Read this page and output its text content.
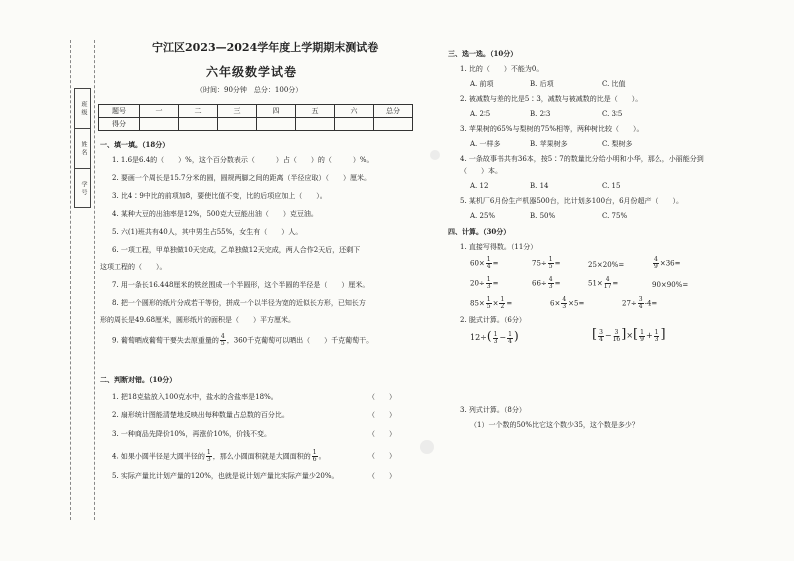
班级
姓名
学号
宁江区2023—2024学年度上学期期末测试卷
六年级数学试卷
（时间：90分钟　总分：100分）
题号	一	二	三	四	五	六	总分
得分							
一、填一填。（18分）
1. 1.6是6.4的（　　）%，这个百分数表示（　　　）占（　　）的（　　　）%。
2. 要画一个周长是15.7分米的圆，圆规两脚之间的距离（半径应取）（　　）厘米。
3. 比4∶9中比的前项加8，要使比值不变，比的后项应加上（　　）。
4. 某种大豆的出油率是12%，500克大豆能出油（　　）克豆油。
5. 六(1)班共有40人，其中男生占55%，女生有（　　）人。
6. 一项工程，甲单独做10天完成，乙单独做12天完成，两人合作2天后，还剩下
这项工程的（　　）。
7. 用一条长16.448厘米的铁丝围成一个半圆形，这个半圆的半径是（　　）厘米。
8. 把一个圆形的纸片分成若干等份，拼成一个以半径为宽的近似长方形，已知长方
形的周长是49.68厘米，圆形纸片的面积是（　　）平方厘米。
9. 葡萄晒成葡萄干要失去原重量的 $\frac{4}{5}$ ，360千克葡萄可以晒出（　　）千克葡萄干。
二、判断对错。（10分）
1. 把18克盐放入100克水中，盐水的含盐率是18%。	（　　）
2. 扇形统计图能清楚地反映出每种数量占总数的百分比。	（　　）
3. 一种商品先降价10%，再涨价10%，价钱不变。	（　　）
4. 如果小圆半径是大圆半径的 $\frac{1}{3}$ ，那么小圆面积就是大圆面积的 $\frac{1}{6}$ 。	（　　）
5. 实际产量比计划产量的120%，也就是说计划产量比实际产量少20%。	（　　）
三、选一选。（10分）
1. 比的（　　）不能为0。
A. 前项	B. 后项	C. 比值
2. 被减数与差的比是5∶3，减数与被减数的比是（　　）。
A. 2∶5	B. 2∶3	C. 3∶5
3. 苹果树的65%与梨树的75%相等，两种树比较（　　）。
A. 一样多	B. 苹果树多	C. 梨树多
4. 一条故事书共有36本，按5∶7的数量比分给小明和小华，那么，小丽能分到
（　　）本。
A. 12	B. 14	C. 15
5. 某机厂6月份生产机器500台，比计划多100台，6月份超产（　　）。
A. 25%	B. 50%	C. 75%
四、计算。（30分）
1. 直接写得数。（11分）
$60\times \frac{1}{4}$ =	$75\div \frac{1}{5}$ =	25×20%=	$\frac{4}{9} \times 36=$
$20\div \frac{1}{3}$ =	$66\div \frac{4}{3}$ =	$51\times \frac{4}{17}$ =	90×90%=
$85\times \frac{1}{5} \times \frac{1}{2}$ =	$6\times \frac{4}{3} \times 5=$	$27\div \frac{3}{4} -4=$
2. 脱式计算。（6分）
$12\div( \frac{1}{3} - \frac{1}{4}$ )	[ $\frac{3}{4} - \frac{3}{16}$ ]×[ $\frac{1}{9} + \frac{1}{3}$ ]
3. 列式计算。（8分）
（1）一个数的50%比它这个数少35，这个数是多少？
